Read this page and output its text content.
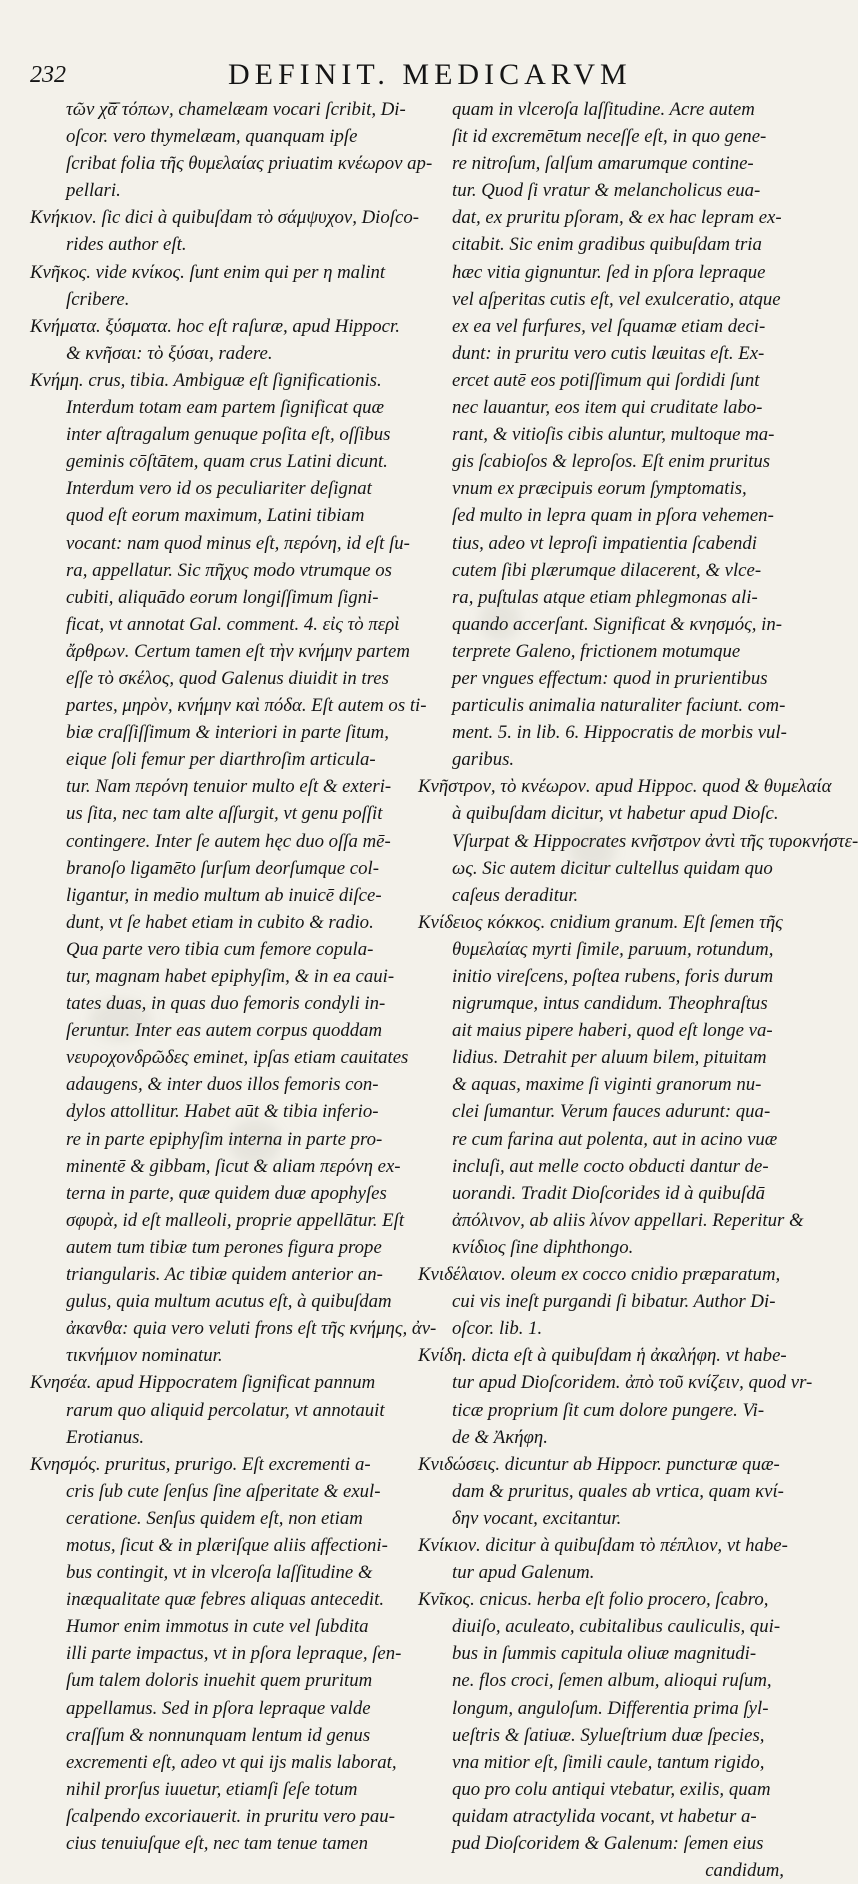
232	DEFINIT. MEDICARVM
τῶν χ͞ᾱ τόπων, chamelæam vocari ſcribit, Di-
oſcor. vero thymelæam, quanquam ipſe
ſcribat folia τῆς θυμελαίας priuatim κνέωρον ap-
pellari.
Κνήκιον. ſic dici à quibuſdam τὸ σάμψυχον, Dioſco-
rides author eſt.
Κνῆκος. vide κνίκος. ſunt enim qui per η malint
ſcribere.
Κνήματα. ξύσματα. hoc eſt raſuræ, apud Hippocr.
& κνῆσαι: τὸ ξύσαι, radere.
Κνήμη. crus, tibia. Ambiguæ eſt ſignificationis.
Interdum totam eam partem ſignificat quæ
inter aſtragalum genuque poſita eſt, oſſibus
geminis cōſtātem, quam crus Latini dicunt.
Interdum vero id os peculiariter deſignat
quod eſt eorum maximum, Latini tibiam
vocant: nam quod minus eſt, περόνη, id eſt ſu-
ra, appellatur. Sic πῆχυς modo vtrumque os
cubiti, aliquādo eorum longiſſimum ſigni-
ficat, vt annotat Gal. comment. 4. εἰς τὸ περὶ
ἄρθρων. Certum tamen eſt τὴν κνήμην partem
eſſe τὸ σκέλος, quod Galenus diuidit in tres
partes, μηρὸν, κνήμην καὶ πόδα. Eſt autem os ti-
biæ craſſiſſimum & interiori in parte ſitum,
eique ſoli femur per diarthroſim articula-
tur. Nam περόνη tenuior multo eſt & exteri-
us ſita, nec tam alte aſſurgit, vt genu poſſit
contingere. Inter ſe autem hęc duo oſſa mē-
branoſo ligamēto ſurſum deorſumque col-
ligantur, in medio multum ab inuicē diſce-
dunt, vt ſe habet etiam in cubito & radio.
Qua parte vero tibia cum femore copula-
tur, magnam habet epiphyſim, & in ea caui-
tates duas, in quas duo femoris condyli in-
ſeruntur. Inter eas autem corpus quoddam
νευροχονδρῶδες eminet, ipſas etiam cauitates
adaugens, & inter duos illos femoris con-
dylos attollitur. Habet aūt & tibia inferio-
re in parte epiphyſim interna in parte pro-
minentē & gibbam, ſicut & aliam περόνη ex-
terna in parte, quæ quidem duæ apophyſes
σφυρὰ, id eſt malleoli, proprie appellātur. Eſt
autem tum tibiæ tum perones figura prope
triangularis. Ac tibiæ quidem anterior an-
gulus, quia multum acutus eſt, à quibuſdam
ἀκανθα: quia vero veluti frons eſt τῆς κνήμης, ἀν-
τικνήμιον nominatur.
Κνησέα. apud Hippocratem ſignificat pannum
rarum quo aliquid percolatur, vt annotauit
Erotianus.
Κνησμός. pruritus, prurigo. Eſt excrementi a-
cris ſub cute ſenſus ſine aſperitate & exul-
ceratione. Senſus quidem eſt, non etiam
motus, ſicut & in plæriſque aliis affectioni-
bus contingit, vt in vlceroſa laſſitudine &
inæqualitate quæ febres aliquas antecedit.
Humor enim immotus in cute vel ſubdita
illi parte impactus, vt in pſora lepraque, ſen-
ſum talem doloris inuehit quem pruritum
appellamus. Sed in pſora lepraque valde
craſſum & nonnunquam lentum id genus
excrementi eſt, adeo vt qui ijs malis laborat,
nihil prorſus iuuetur, etiamſi ſeſe totum
ſcalpendo excoriauerit. in pruritu vero pau-
cius tenuiuſque eſt, nec tam tenue tamen
quam in vlceroſa laſſitudine. Acre autem
ſit id excremētum neceſſe eſt, in quo gene-
re nitroſum, ſalſum amarumque contine-
tur. Quod ſi vratur & melancholicus eua-
dat, ex pruritu pſoram, & ex hac lepram ex-
citabit. Sic enim gradibus quibuſdam tria
hæc vitia gignuntur. ſed in pſora lepraque
vel aſperitas cutis eſt, vel exulceratio, atque
ex ea vel furfures, vel ſquamæ etiam deci-
dunt: in pruritu vero cutis læuitas eſt. Ex-
ercet autē eos potiſſimum qui ſordidi ſunt
nec lauantur, eos item qui cruditate labo-
rant, & vitioſis cibis aluntur, multoque ma-
gis ſcabioſos & leproſos. Eſt enim pruritus
vnum ex præcipuis eorum ſymptomatis,
ſed multo in lepra quam in pſora vehemen-
tius, adeo vt leproſi impatientia ſcabendi
cutem ſibi plærumque dilacerent, & vlce-
ra, puſtulas atque etiam phlegmonas ali-
quando accerſant. Significat & κνησμός, in-
terprete Galeno, frictionem motumque
per vngues effectum: quod in prurientibus
particulis animalia naturaliter faciunt. com-
ment. 5. in lib. 6. Hippocratis de morbis vul-
garibus.
Κνῆστρον, τὸ κνέωρον. apud Hippoc. quod & θυμελαία
à quibuſdam dicitur, vt habetur apud Dioſc.
Vſurpat & Hippocrates κνῆστρον ἀντὶ τῆς τυροκνήστε-
ως. Sic autem dicitur cultellus quidam quo
caſeus deraditur.
Κνίδειος κόκκος. cnidium granum. Eſt ſemen τῆς
θυμελαίας myrti ſimile, paruum, rotundum,
initio vireſcens, poſtea rubens, foris durum
nigrumque, intus candidum. Theophraſtus
ait maius pipere haberi, quod eſt longe va-
lidius. Detrahit per aluum bilem, pituitam
& aquas, maxime ſi viginti granorum nu-
clei ſumantur. Verum fauces adurunt: qua-
re cum farina aut polenta, aut in acino vuæ
incluſi, aut melle cocto obducti dantur de-
uorandi. Tradit Dioſcorides id à quibuſdā
ἀπόλινον, ab aliis λίνον appellari. Reperitur &
κνίδιος ſine diphthongo.
Κνιδέλαιον. oleum ex cocco cnidio præparatum,
cui vis ineſt purgandi ſi bibatur. Author Di-
oſcor. lib. 1.
Κνίδη. dicta eſt à quibuſdam ἡ ἀκαλήφη. vt habe-
tur apud Dioſcoridem. ἀπὸ τοῦ κνίζειν, quod vr-
ticæ proprium ſit cum dolore pungere. Vi-
de & Ἀκήφη.
Κνιδώσεις. dicuntur ab Hippocr. puncturæ quæ-
dam & pruritus, quales ab vrtica, quam κνί-
δην vocant, excitantur.
Κνίκιον. dicitur à quibuſdam τὸ πέπλιον, vt habe-
tur apud Galenum.
Κνῖκος. cnicus. herba eſt folio procero, ſcabro,
diuiſo, aculeato, cubitalibus cauliculis, qui-
bus in ſummis capitula oliuæ magnitudi-
ne. flos croci, ſemen album, alioqui ruſum,
longum, anguloſum. Differentia prima ſyl-
ueſtris & ſatiuæ. Sylueſtrium duæ ſpecies,
vna mitior eſt, ſimili caule, tantum rigido,
quo pro colu antiqui vtebatur, exilis, quam
quidam atractylida vocant, vt habetur a-
pud Dioſcoridem & Galenum: ſemen eius
candidum,
